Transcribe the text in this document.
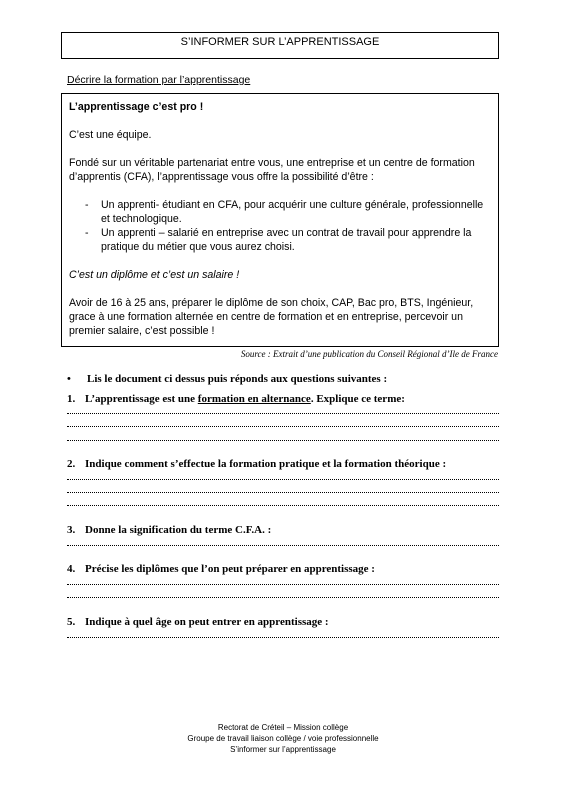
S’INFORMER SUR L’APPRENTISSAGE
Décrire la formation par l’apprentissage

L’apprentissage c’est pro !

C’est une équipe.

Fondé sur un véritable partenariat entre vous, une entreprise et un centre de formation d’apprentis (CFA), l’apprentissage vous offre la possibilité d’être :

- Un apprenti- étudiant en CFA, pour acquérir une culture générale, professionnelle et technologique.
- Un apprenti – salarié en entreprise avec un contrat de travail pour apprendre la pratique du métier que vous aurez choisi.

C’est un diplôme et c’est un salaire !

Avoir de 16 à 25 ans, préparer le diplôme de son choix, CAP, Bac pro, BTS, Ingénieur, grace à une formation alternée en centre de formation et en entreprise, percevoir un premier salaire, c’est possible !

Source : Extrait d’une publication du Conseil Régional d’Ile de France
• Lis le document ci dessus puis réponds aux questions suivantes :
1. L’apprentissage est une formation en alternance. Explique ce terme:
2. Indique comment s’effectue la formation pratique et la formation théorique :
3. Donne la signification du terme C.F.A. :
4. Précise les diplômes que l’on peut préparer en apprentissage :
5. Indique à quel âge on peut entrer en apprentissage :
Rectorat de Créteil – Mission collège
Groupe de travail liaison collège / voie professionnelle
S’informer sur l’apprentissage
